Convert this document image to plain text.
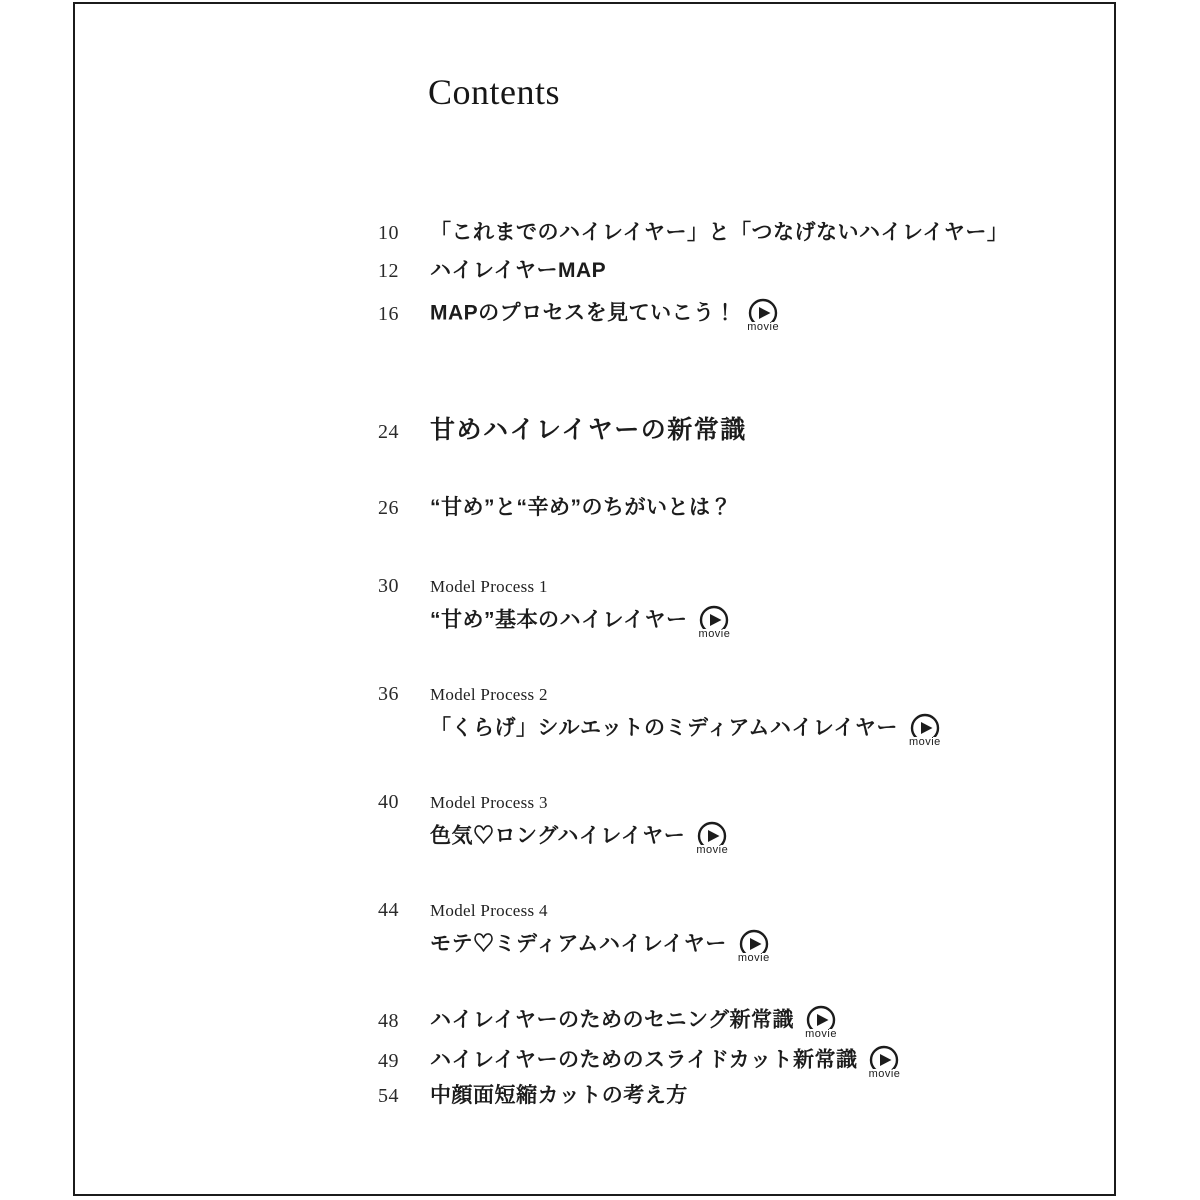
Contents
10 「これまでのハイレイヤー」と「つなげないハイレイヤー」
12 ハイレイヤーMAP
16 MAPのプロセスを見ていこう！
movie
24 甘めハイレイヤーの新常識
26 “甘め”と“辛め”のちがいとは？
30 Model Process 1
“甘め”基本のハイレイヤー
movie
36 Model Process 2
「くらげ」シルエットのミディアムハイレイヤー
movie
40 Model Process 3
色気♡ロングハイレイヤー
movie
44 Model Process 4
モテ♡ミディアムハイレイヤー
movie
48 ハイレイヤーのためのセニング新常識
movie
49 ハイレイヤーのためのスライドカット新常識
movie
54 中顔面短縮カットの考え方
